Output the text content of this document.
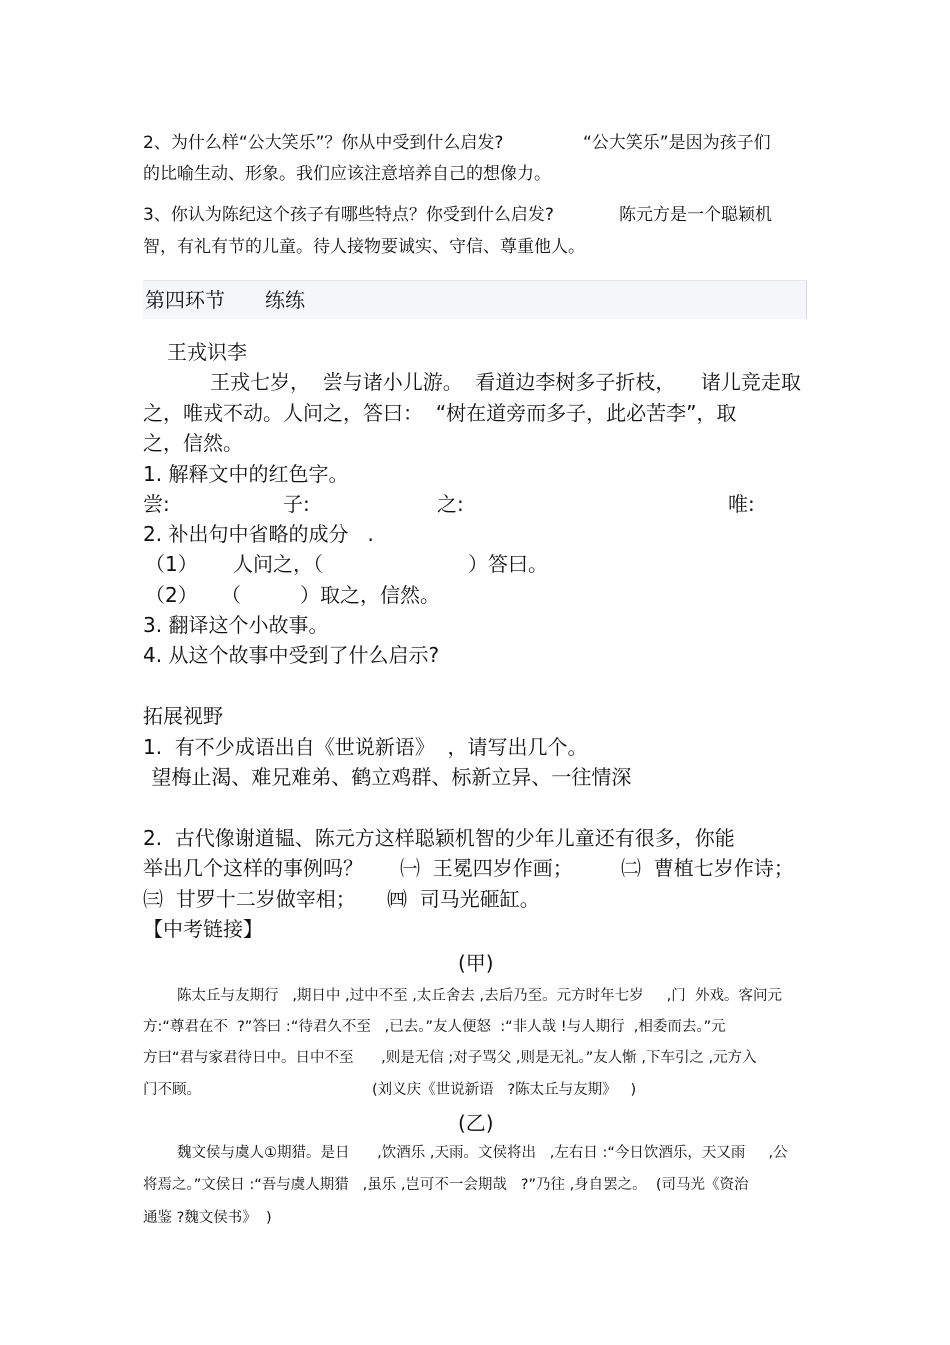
2、为什么样“公大笑乐”？你从中受到什么启发?	“公大笑乐”是因为孩子们
的比喻生动、形象。我们应该注意培养自己的想像力。
3、你认为陈纪这个孩子有哪些特点？你受到什么启发?	陈元方是一个聪颖机
智，有礼有节的儿童。待人接物要诚实、守信、尊重他人。
第四环节 练练
王戎识李
王戎七岁，  尝与诸小儿游。  看道边李树多子折枝，    诸儿竞走取
之，唯戎不动。人问之，答曰：  “树在道旁而多子，此必苦李”，取
之，信然。
1. 解释文中的红色字。
尝:	子:	之:	唯:
2. 补出句中省略的成分   .
（1） 人问之，（	）答曰。
（2） （	）取之，信然。
3. 翻译这个小故事。
4. 从这个故事中受到了什么启示?
拓展视野
1.  有不少成语出自《世说新语》  ，请写出几个。
望梅止渴、难兄难弟、鹤立鸡群、标新立异、一往情深
2.  古代像谢道韫、陈元方这样聪颖机智的少年儿童还有很多，你能
举出几个这样的事例吗？ ㈠  王冕四岁作画； ㈡  曹植七岁作诗；
㈢  甘罗十二岁做宰相； ㈣  司马光砸缸。
【中考链接】
(甲)
陈太丘与友期行   ,期日中 ,过中不至 ,太丘舍去 ,去后乃至。元方时年七岁     ,门  外戏。客问元
方:“尊君在不  ?”答曰 :“待君久不至   ,已去。”友人便怒  :“非人哉 !与人期行  ,相委而去。”元
方曰“君与家君待日中。日中不至      ,则是无信 ;对子骂父 ,则是无礼。”友人惭 ,下车引之 ,元方入
门不顾。	(刘义庆《世说新语   ?陈太丘与友期》   )
(乙)
魏文侯与虞人①期猎。是日      ,饮酒乐 ,天雨。文侯将出   ,左右日 :“今日饮酒乐，天又雨     ,公
将焉之。”文侯日 :“吾与虞人期猎   ,虽乐 ,岂可不一会期哉   ?”乃往 ,身自罢之。  (司马光《资治
通鉴 ?魏文侯书》  )
